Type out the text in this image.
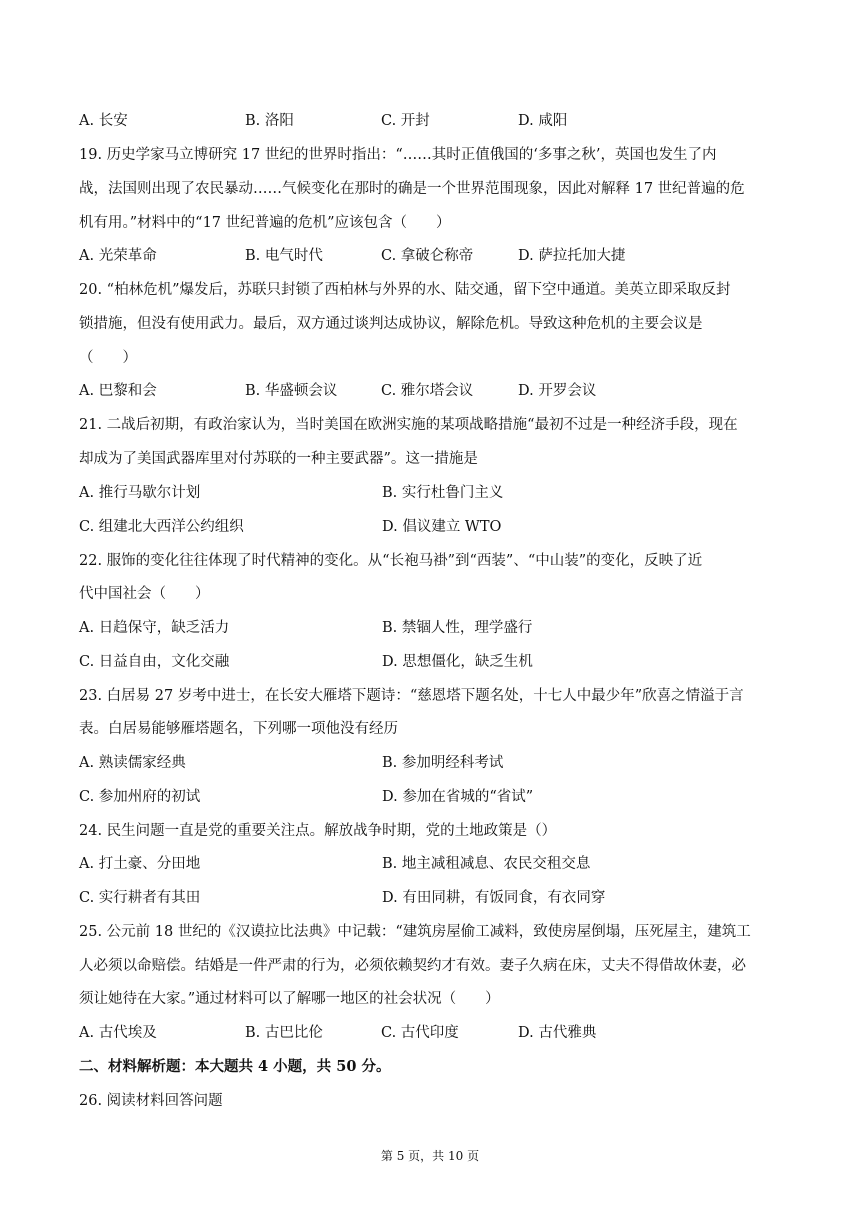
A. 长安	B. 洛阳	C. 开封	D. 咸阳
19. 历史学家马立博研究 17 世纪的世界时指出：“……其时正值俄国的‘多事之秋’，英国也发生了内
战，法国则出现了农民暴动……气候变化在那时的确是一个世界范围现象，因此对解释 17 世纪普遍的危
机有用。”材料中的“17 世纪普遍的危机”应该包含（　　）
A. 光荣革命	B. 电气时代	C. 拿破仑称帝	D. 萨拉托加大捷
20. “柏林危机”爆发后，苏联只封锁了西柏林与外界的水、陆交通，留下空中通道。美英立即采取反封
锁措施，但没有使用武力。最后，双方通过谈判达成协议，解除危机。导致这种危机的主要会议是
（　　）
A. 巴黎和会	B. 华盛顿会议	C. 雅尔塔会议	D. 开罗会议
21. 二战后初期，有政治家认为，当时美国在欧洲实施的某项战略措施“最初不过是一种经济手段，现在
却成为了美国武器库里对付苏联的一种主要武器”。这一措施是
A. 推行马歇尔计划	B. 实行杜鲁门主义
C. 组建北大西洋公约组织	D. 倡议建立 WTO
22. 服饰的变化往往体现了时代精神的变化。从“长袍马褂”到“西装”、“中山装”的变化，反映了近
代中国社会（　　）
A. 日趋保守，缺乏活力	B. 禁锢人性，理学盛行
C. 日益自由，文化交融	D. 思想僵化，缺乏生机
23. 白居易 27 岁考中进士，在长安大雁塔下题诗：“慈恩塔下题名处，十七人中最少年”欣喜之情溢于言
表。白居易能够雁塔题名，下列哪一项他没有经历
A. 熟读儒家经典	B. 参加明经科考试
C. 参加州府的初试	D. 参加在省城的“省试”
24. 民生问题一直是党的重要关注点。解放战争时期，党的土地政策是（）
A. 打土豪、分田地	B. 地主减租减息、农民交租交息
C. 实行耕者有其田	D. 有田同耕，有饭同食，有衣同穿
25. 公元前 18 世纪的《汉谟拉比法典》中记载：“建筑房屋偷工减料，致使房屋倒塌，压死屋主，建筑工
人必须以命赔偿。结婚是一件严肃的行为，必须依赖契约才有效。妻子久病在床，丈夫不得借故休妻，必
须让她待在大家。”通过材料可以了解哪一地区的社会状况（　　）
A. 古代埃及	B. 古巴比伦	C. 古代印度	D. 古代雅典
二、材料解析题：本大题共 4 小题，共 50 分。
26. 阅读材料回答问题
第 5 页，共 10 页
